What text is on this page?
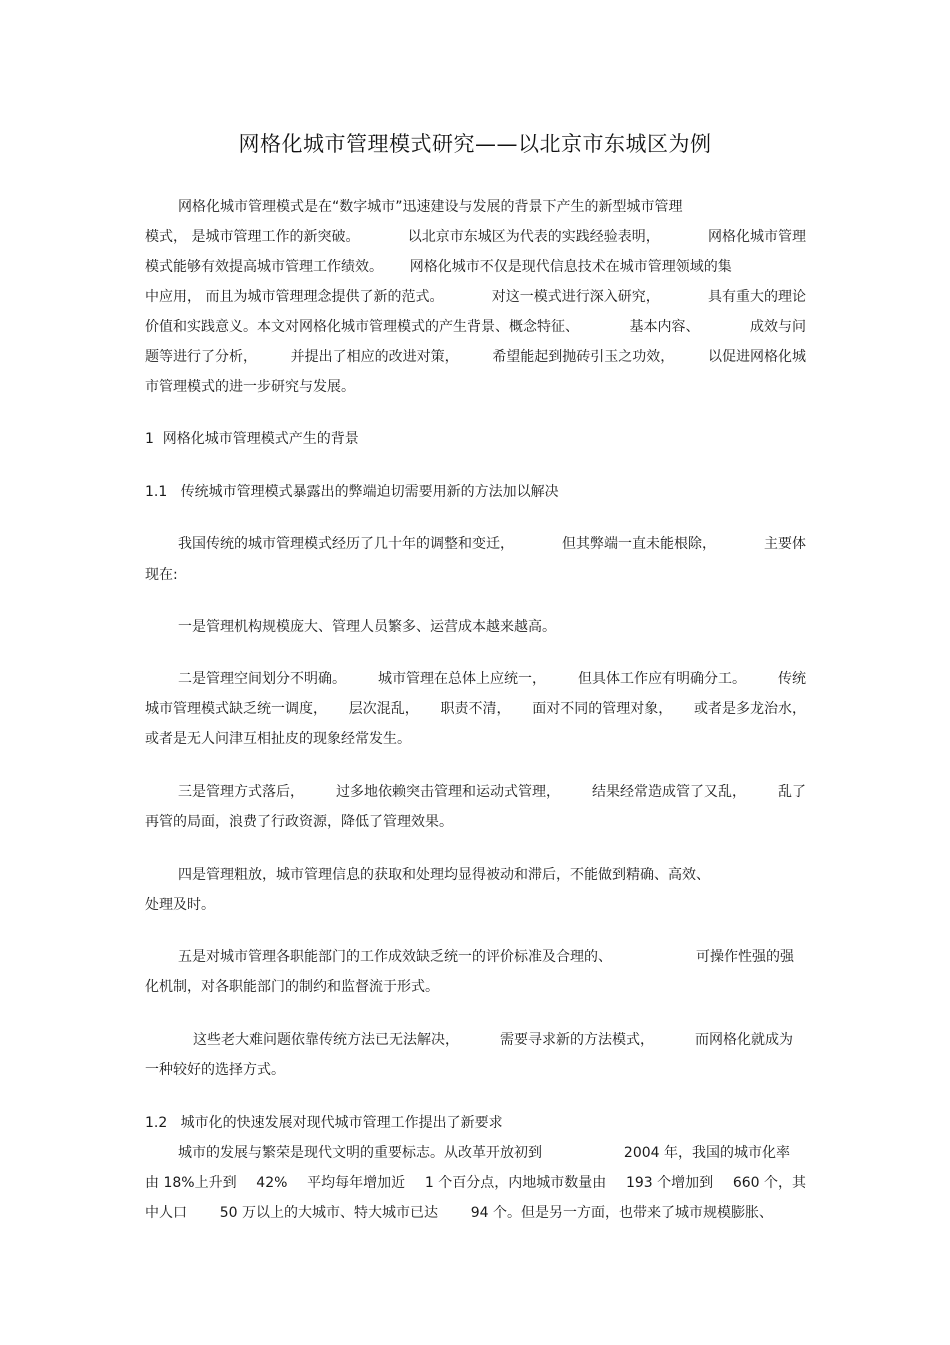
网格化城市管理模式研究——以北京市东城区为例
网格化城市管理模式是在“数字城市”迅速建设与发展的背景下产生的新型城市管理
模式， 是城市管理工作的新突破。	以北京市东城区为代表的实践经验表明，	网格化城市管理
模式能够有效提高城市管理工作绩效。      网格化城市不仅是现代信息技术在城市管理领域的集
中应用， 而且为城市管理理念提供了新的范式。	对这一模式进行深入研究，	具有重大的理论
价值和实践意义。本文对网格化城市管理模式的产生背景、概念特征、	基本内容、	成效与问
题等进行了分析， 并提出了相应的改进对策， 希望能起到抛砖引玉之功效， 以促进网格化城
市管理模式的进一步研究与发展。
1  网格化城市管理模式产生的背景
1.1   传统城市管理模式暴露出的弊端迫切需要用新的方法加以解决
我国传统的城市管理模式经历了几十年的调整和变迁，	但其弊端一直未能根除，	主要体
现在:
一是管理机构规模庞大、管理人员繁多、运营成本越来越高。
二是管理空间划分不明确。 城市管理在总体上应统一， 但具体工作应有明确分工。 传统
城市管理模式缺乏统一调度， 层次混乱， 职责不清， 面对不同的管理对象， 或者是多龙治水，
或者是无人问津互相扯皮的现象经常发生。
三是管理方式落后， 过多地依赖突击管理和运动式管理， 结果经常造成管了又乱， 乱了
再管的局面，浪费了行政资源，降低了管理效果。
四是管理粗放，城市管理信息的获取和处理均显得被动和滞后，不能做到精确、高效、
处理及时。
五是对城市管理各职能部门的工作成效缺乏统一的评价标准及合理的、	可操作性强的强
化机制，对各职能部门的制约和监督流于形式。
这些老大难问题依靠传统方法已无法解决，	需要寻求新的方法模式，	而网格化就成为
一种较好的选择方式。
1.2   城市化的快速发展对现代城市管理工作提出了新要求
城市的发展与繁荣是现代文明的重要标志。从改革开放初到	2004 年，我国的城市化率
由 18%上升到 42% 平均每年增加近 1 个百分点，内地城市数量由 193 个增加到 660 个，其
中人口 50 万以上的大城市、特大城市已达 94 个。但是另一方面，也带来了城市规模膨胀、
